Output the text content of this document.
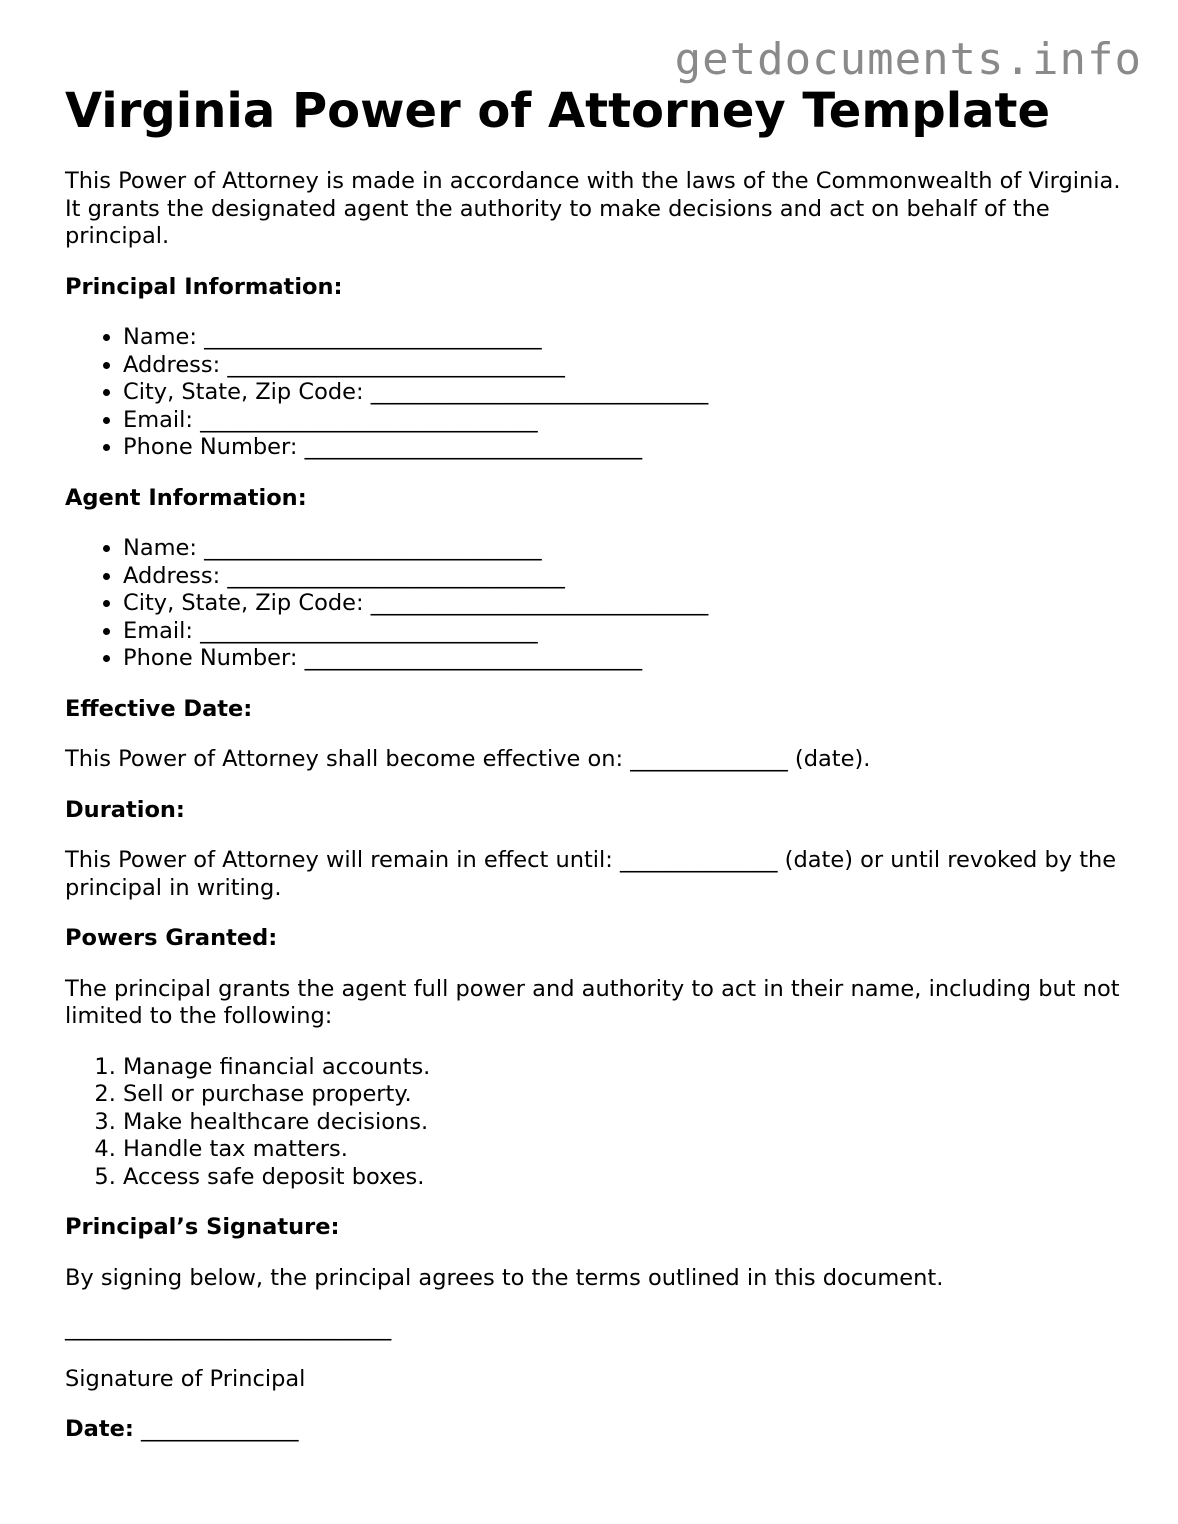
getdocuments.info
Virginia Power of Attorney Template

This Power of Attorney is made in accordance with the laws of the Commonwealth of Virginia. It grants the designated agent the authority to make decisions and act on behalf of the principal.

Principal Information:

• Name: ______________________________
• Address: ______________________________
• City, State, Zip Code: ______________________________
• Email: ______________________________
• Phone Number: ______________________________

Agent Information:

• Name: ______________________________
• Address: ______________________________
• City, State, Zip Code: ______________________________
• Email: ______________________________
• Phone Number: ______________________________

Effective Date:

This Power of Attorney shall become effective on: ______________ (date).

Duration:

This Power of Attorney will remain in effect until: ______________ (date) or until revoked by the principal in writing.

Powers Granted:

The principal grants the agent full power and authority to act in their name, including but not limited to the following:

1. Manage financial accounts.
2. Sell or purchase property.
3. Make healthcare decisions.
4. Handle tax matters.
5. Access safe deposit boxes.

Principal’s Signature:

By signing below, the principal agrees to the terms outlined in this document.

_____________________________

Signature of Principal

Date: ______________
